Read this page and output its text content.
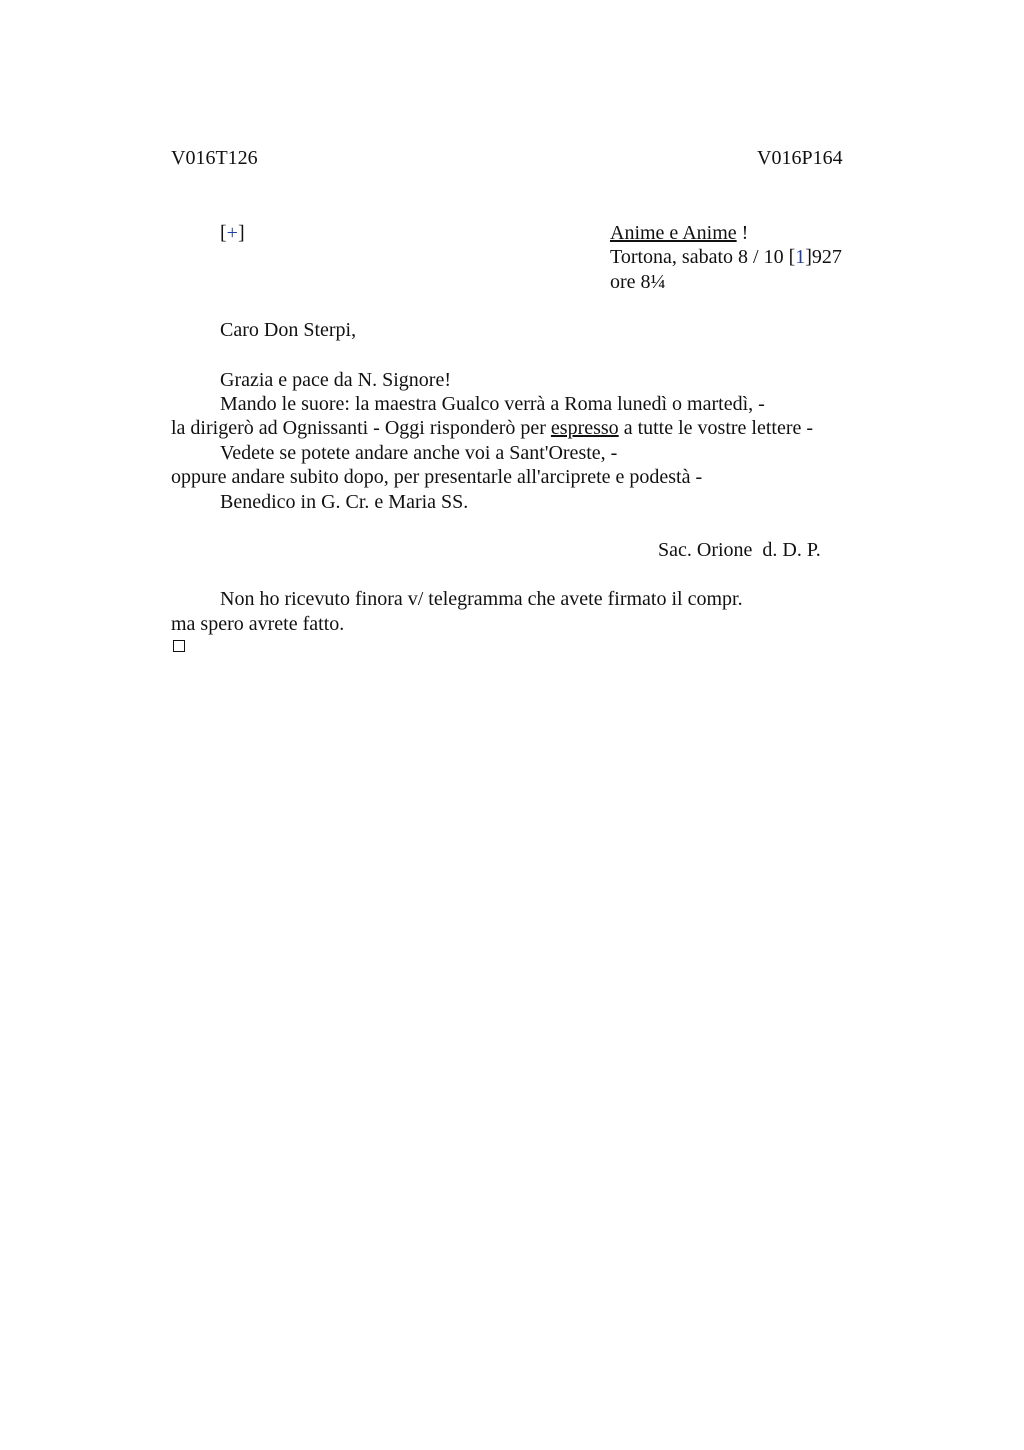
V016T126	V016P164
[+]	Anime e Anime !
Tortona, sabato 8 / 10 [1]927
ore 8¼
Caro Don Sterpi,
Grazia e pace da N. Signore!
Mando le suore: la maestra Gualco verrà a Roma lunedì o martedì, -
la dirigerò ad Ognissanti - Oggi risponderò per espresso a tutte le vostre lettere -
Vedete se potete andare anche voi a Sant'Oreste, -
oppure andare subito dopo, per presentarle all'arciprete e podestà -
Benedico in G. Cr. e Maria SS.
Sac. Orione  d. D. P.
Non ho ricevuto finora v/ telegramma che avete firmato il compr.
ma spero avrete fatto.
